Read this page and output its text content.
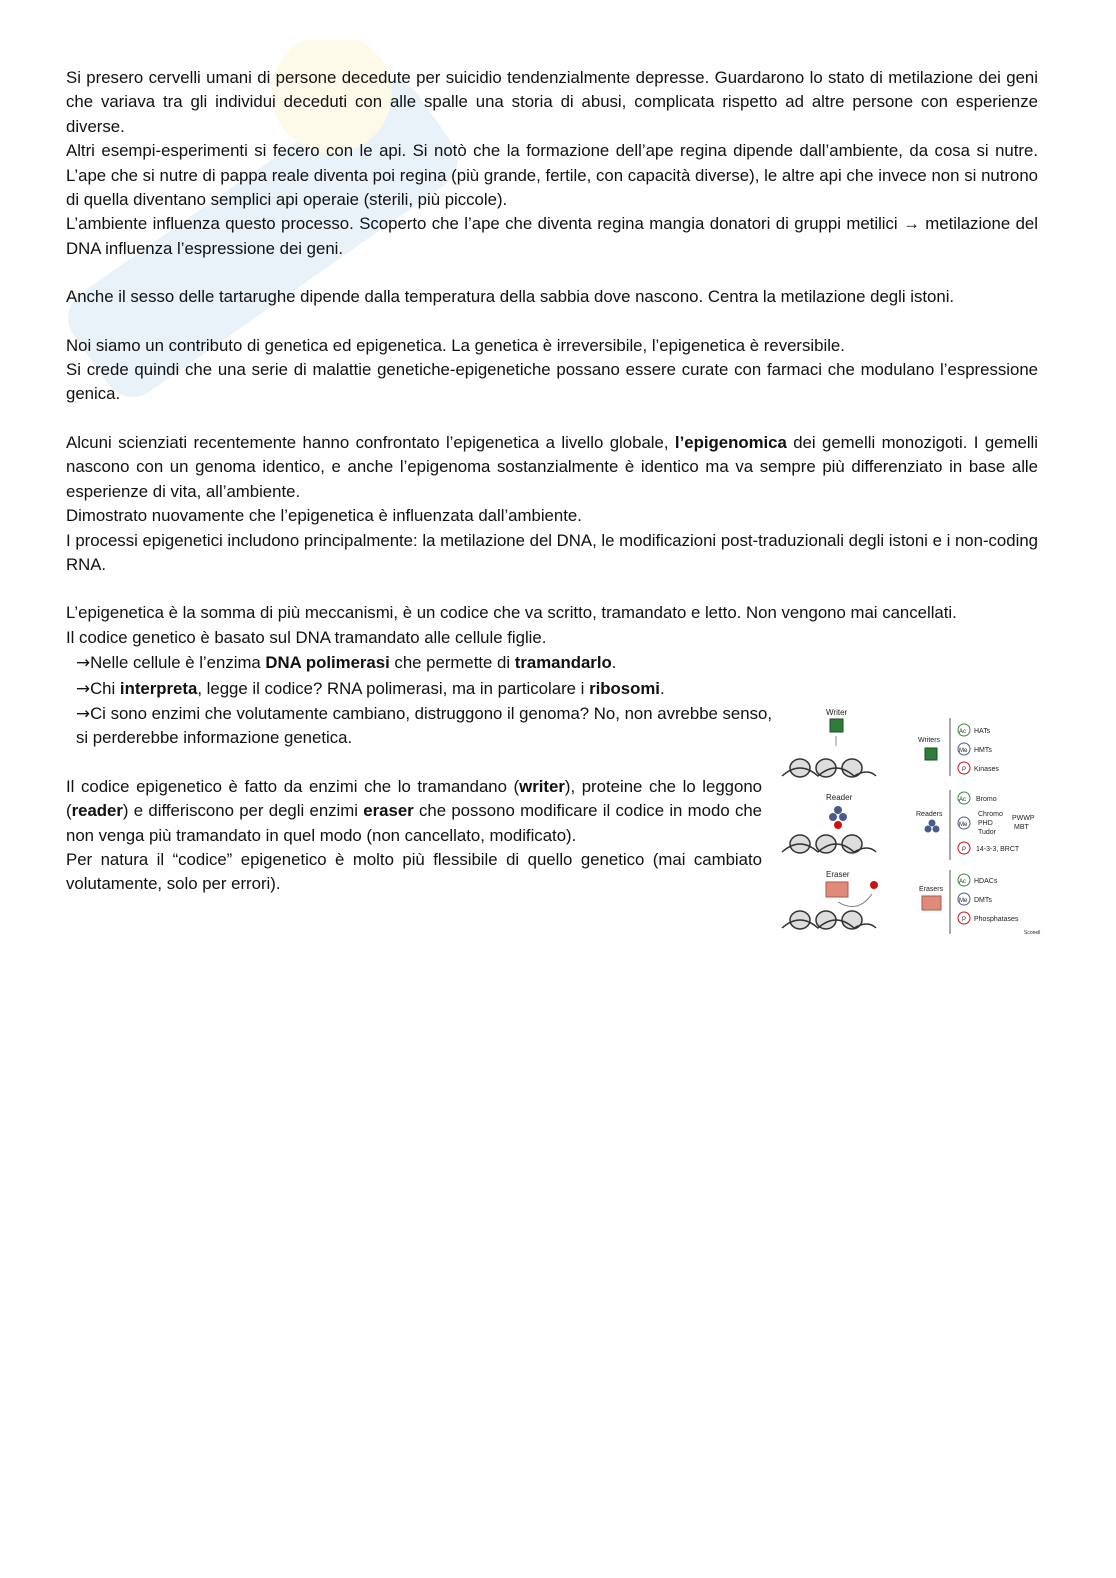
Si presero cervelli umani di persone decedute per suicidio tendenzialmente depresse. Guardarono lo stato di metilazione dei geni che variava tra gli individui deceduti con alle spalle una storia di abusi, complicata rispetto ad altre persone con esperienze diverse.

Altri esempi-esperimenti si fecero con le api. Si notò che la formazione dell’ape regina dipende dall’ambiente, da cosa si nutre. L’ape che si nutre di pappa reale diventa poi regina (più grande, fertile, con capacità diverse), le altre api che invece non si nutrono di quella diventano semplici api operaie (sterili, più piccole).

L’ambiente influenza questo processo. Scoperto che l’ape che diventa regina mangia donatori di gruppi metilici → metilazione del DNA influenza l’espressione dei geni.

Anche il sesso delle tartarughe dipende dalla temperatura della sabbia dove nascono. Centra la metilazione degli istoni.

Noi siamo un contributo di genetica ed epigenetica. La genetica è irreversibile, l’epigenetica è reversibile.

Si crede quindi che una serie di malattie genetiche-epigenetiche possano essere curate con farmaci che modulano l’espressione genica.

Alcuni scienziati recentemente hanno confrontato l’epigenetica a livello globale, l’epigenomica dei gemelli monozigoti. I gemelli nascono con un genoma identico, e anche l’epigenoma sostanzialmente è identico ma va sempre più differenziato in base alle esperienze di vita, all’ambiente.

Dimostrato nuovamente che l’epigenetica è influenzata dall’ambiente.

I processi epigenetici includono principalmente: la metilazione del DNA, le modificazioni post-traduzionali degli istoni e i non-coding RNA.

L’epigenetica è la somma di più meccanismi, è un codice che va scritto, tramandato e letto. Non vengono mai cancellati.

Il codice genetico è basato sul DNA tramandato alle cellule figlie.

→Nelle cellule è l’enzima DNA polimerasi che permette di tramandarlo.

→Chi interpreta, legge il codice? RNA polimerasi, ma in particolare i ribosomi.

→Ci sono enzimi che volutamente cambiano, distruggono il genoma? No, non avrebbe senso, si perderebbe informazione genetica.

Il codice epigenetico è fatto da enzimi che lo tramandano (writer), proteine che lo leggono (reader) e differiscono per degli enzimi eraser che possono modificare il codice in modo che non venga più tramandato in quel modo (non cancellato, modificato).

Per natura il “codice” epigenetico è molto più flessibile di quello genetico (mai cambiato volutamente, solo per errori).

Writer
Reader
Eraser
Writers
Ac HATs
Me HMTs
P Kinases
Readers
Ac Bromo
Me
Chromo
PHD
Tudor
PWWP
MBT
P 14-3-3, BRCT
Erasers
Ac HDACs
Me DMTs
P Phosphatases
Sconell
